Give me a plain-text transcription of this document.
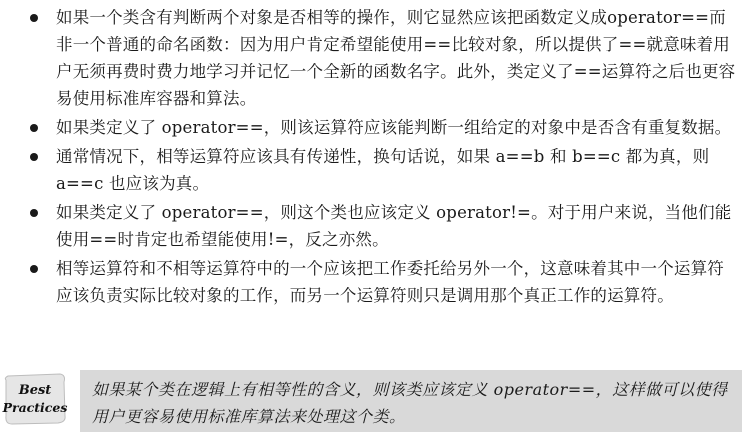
如果一个类含有判断两个对象是否相等的操作，则它显然应该把函数定义成operator==而非一个普通的命名函数：因为用户肯定希望能使用==比较对象，所以提供了==就意味着用户无须再费时费力地学习并记忆一个全新的函数名字。此外，类定义了==运算符之后也更容易使用标准库容器和算法。
如果类定义了 operator==，则该运算符应该能判断一组给定的对象中是否含有重复数据。
通常情况下，相等运算符应该具有传递性，换句话说，如果 a==b 和 b==c 都为真，则 a==c 也应该为真。
如果类定义了 operator==，则这个类也应该定义 operator!=。对于用户来说，当他们能使用==时肯定也希望能使用!=，反之亦然。
相等运算符和不相等运算符中的一个应该把工作委托给另外一个，这意味着其中一个运算符应该负责实际比较对象的工作，而另一个运算符则只是调用那个真正工作的运算符。
Best
Practices
如果某个类在逻辑上有相等性的含义，则该类应该定义 operator==，这样做可以使得用户更容易使用标准库算法来处理这个类。
